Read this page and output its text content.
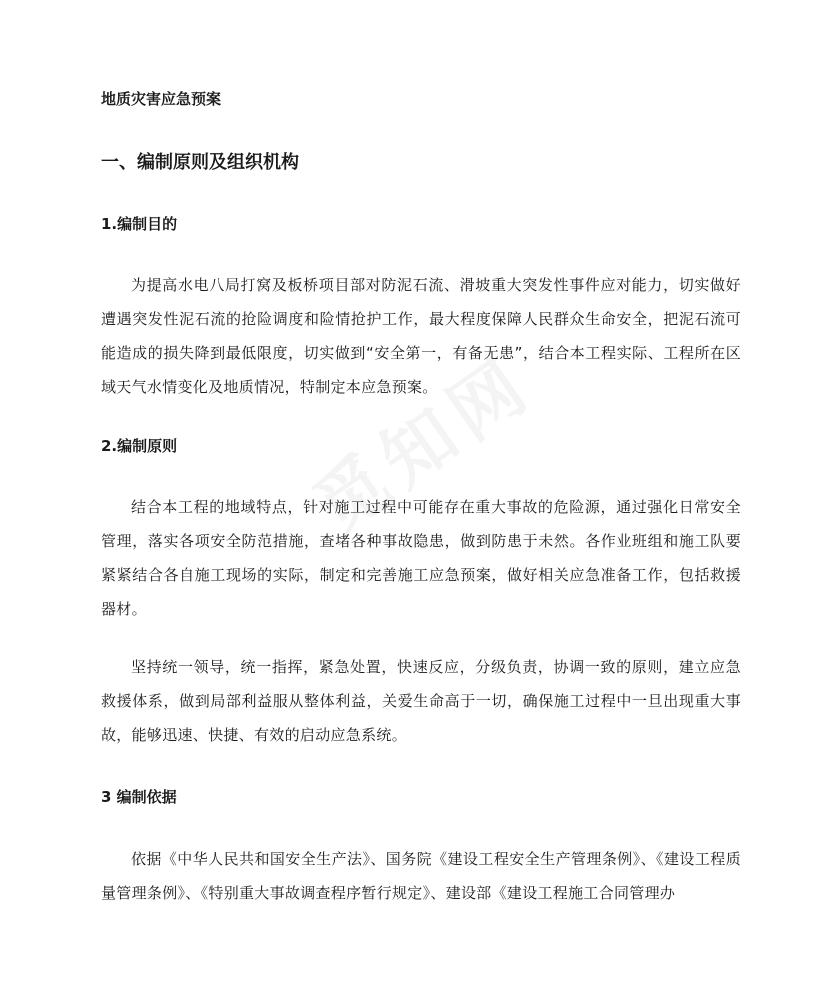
地质灾害应急预案
一、编制原则及组织机构
1.编制目的

为提高水电八局打窝及板桥项目部对防泥石流、滑坡重大突发性事件应对能力，切实做好遭遇突发性泥石流的抢险调度和险情抢护工作，最大程度保障人民群众生命安全，把泥石流可能造成的损失降到最低限度，切实做到“安全第一，有备无患”，结合本工程实际、工程所在区域天气水情变化及地质情况，特制定本应急预案。

2.编制原则

结合本工程的地域特点，针对施工过程中可能存在重大事故的危险源，通过强化日常安全管理，落实各项安全防范措施，查堵各种事故隐患，做到防患于未然。各作业班组和施工队要紧紧结合各自施工现场的实际，制定和完善施工应急预案，做好相关应急准备工作，包括救援器材。

坚持统一领导，统一指挥，紧急处置，快速反应，分级负责，协调一致的原则，建立应急救援体系，做到局部利益服从整体利益，关爱生命高于一切，确保施工过程中一旦出现重大事故，能够迅速、快捷、有效的启动应急系统。

3 编制依据

依据《中华人民共和国安全生产法》、国务院《建设工程安全生产管理条例》、《建设工程质量管理条例》、《特别重大事故调查程序暂行规定》、建设部《建设工程施工合同管理办
